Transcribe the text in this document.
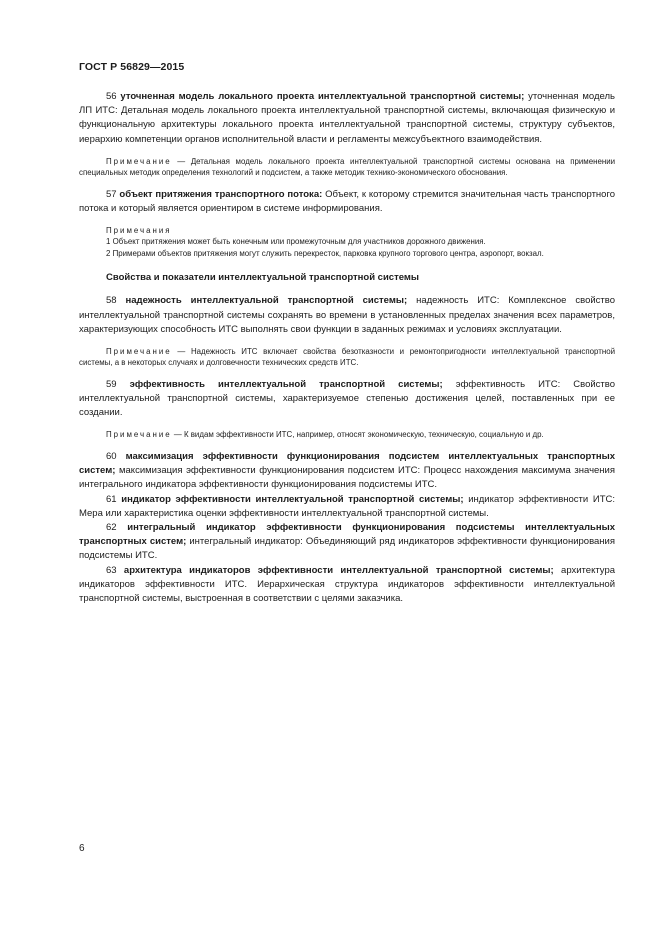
ГОСТ Р 56829—2015

56 уточненная модель локального проекта интеллектуальной транспортной системы; уточненная модель ЛП ИТС: Детальная модель локального проекта интеллектуальной транспортной системы, включающая физическую и функциональную архитектуры локального проекта интеллектуальной транспортной системы, структуру субъектов, иерархию компетенции органов исполнительной власти и регламенты межсубъектного взаимодействия.

Примечание — Детальная модель локального проекта интеллектуальной транспортной системы основана на применении специальных методик определения технологий и подсистем, а также методик технико-экономического обоснования.

57 объект притяжения транспортного потока: Объект, к которому стремится значительная часть транспортного потока и который является ориентиром в системе информирования.

Примечания

1 Объект притяжения может быть конечным или промежуточным для участников дорожного движения.

2 Примерами объектов притяжения могут служить перекресток, парковка крупного торгового центра, аэропорт, вокзал.

Свойства и показатели интеллектуальной транспортной системы

58 надежность интеллектуальной транспортной системы; надежность ИТС: Комплексное свойство интеллектуальной транспортной системы сохранять во времени в установленных пределах значения всех параметров, характеризующих способность ИТС выполнять свои функции в заданных режимах и условиях эксплуатации.

Примечание — Надежность ИТС включает свойства безотказности и ремонтопригодности интеллектуальной транспортной системы, а в некоторых случаях и долговечности технических средств ИТС.

59 эффективность интеллектуальной транспортной системы; эффективность ИТС: Свойство интеллектуальной транспортной системы, характеризуемое степенью достижения целей, поставленных при ее создании.

Примечание — К видам эффективности ИТС, например, относят экономическую, техническую, социальную и др.

60 максимизация эффективности функционирования подсистем интеллектуальных транспортных систем; максимизация эффективности функционирования подсистем ИТС: Процесс нахождения максимума значения интегрального индикатора эффективности функционирования подсистемы ИТС.

61 индикатор эффективности интеллектуальной транспортной системы; индикатор эффективности ИТС: Мера или характеристика оценки эффективности интеллектуальной транспортной системы.

62 интегральный индикатор эффективности функционирования подсистемы интеллектуальных транспортных систем; интегральный индикатор: Объединяющий ряд индикаторов эффективности функционирования подсистемы ИТС.

63 архитектура индикаторов эффективности интеллектуальной транспортной системы; архитектура индикаторов эффективности ИТС. Иерархическая структура индикаторов эффективности интеллектуальной транспортной системы, выстроенная в соответствии с целями заказчика.

6
